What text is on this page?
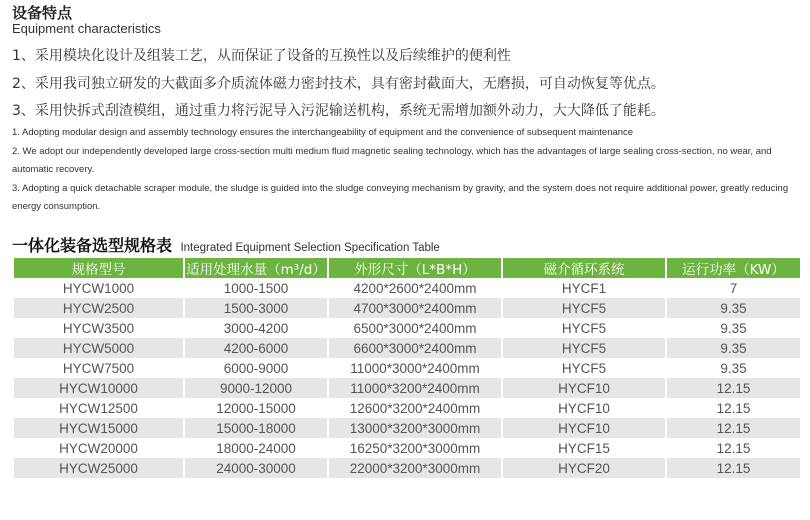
设备特点
Equipment characteristics
1、采用模块化设计及组装工艺，从而保证了设备的互换性以及后续维护的便利性
2、采用我司独立研发的大截面多介质流体磁力密封技术，具有密封截面大，无磨损，可自动恢复等优点。
3、采用快拆式刮渣模组，通过重力将污泥导入污泥输送机构，系统无需增加额外动力，大大降低了能耗。

1. Adopting modular design and assembly technology ensures the interchangeability of equipment and the convenience of subsequent maintenance

2. We adopt our independently developed large cross-section multi medium fluid magnetic sealing technology, which has the advantages of large sealing cross-section, no wear, and automatic recovery.

3. Adopting a quick detachable scraper module, the sludge is guided into the sludge conveying mechanism by gravity, and the system does not require additional power, greatly reducing energy consumption.

一体化装备选型规格表 Integrated Equipment Selection Specification Table
规格型号	适用处理水量（m³/d）	外形尺寸（L*B*H）	磁介循环系统	运行功率（KW）
HYCW1000	1000-1500	4200*2600*2400mm	HYCF1	7
HYCW2500	1500-3000	4700*3000*2400mm	HYCF5	9.35
HYCW3500	3000-4200	6500*3000*2400mm	HYCF5	9.35
HYCW5000	4200-6000	6600*3000*2400mm	HYCF5	9.35
HYCW7500	6000-9000	11000*3000*2400mm	HYCF5	9.35
HYCW10000	9000-12000	11000*3200*2400mm	HYCF10	12.15
HYCW12500	12000-15000	12600*3200*2400mm	HYCF10	12.15
HYCW15000	15000-18000	13000*3200*3000mm	HYCF10	12.15
HYCW20000	18000-24000	16250*3200*3000mm	HYCF15	12.15
HYCW25000	24000-30000	22000*3200*3000mm	HYCF20	12.15
